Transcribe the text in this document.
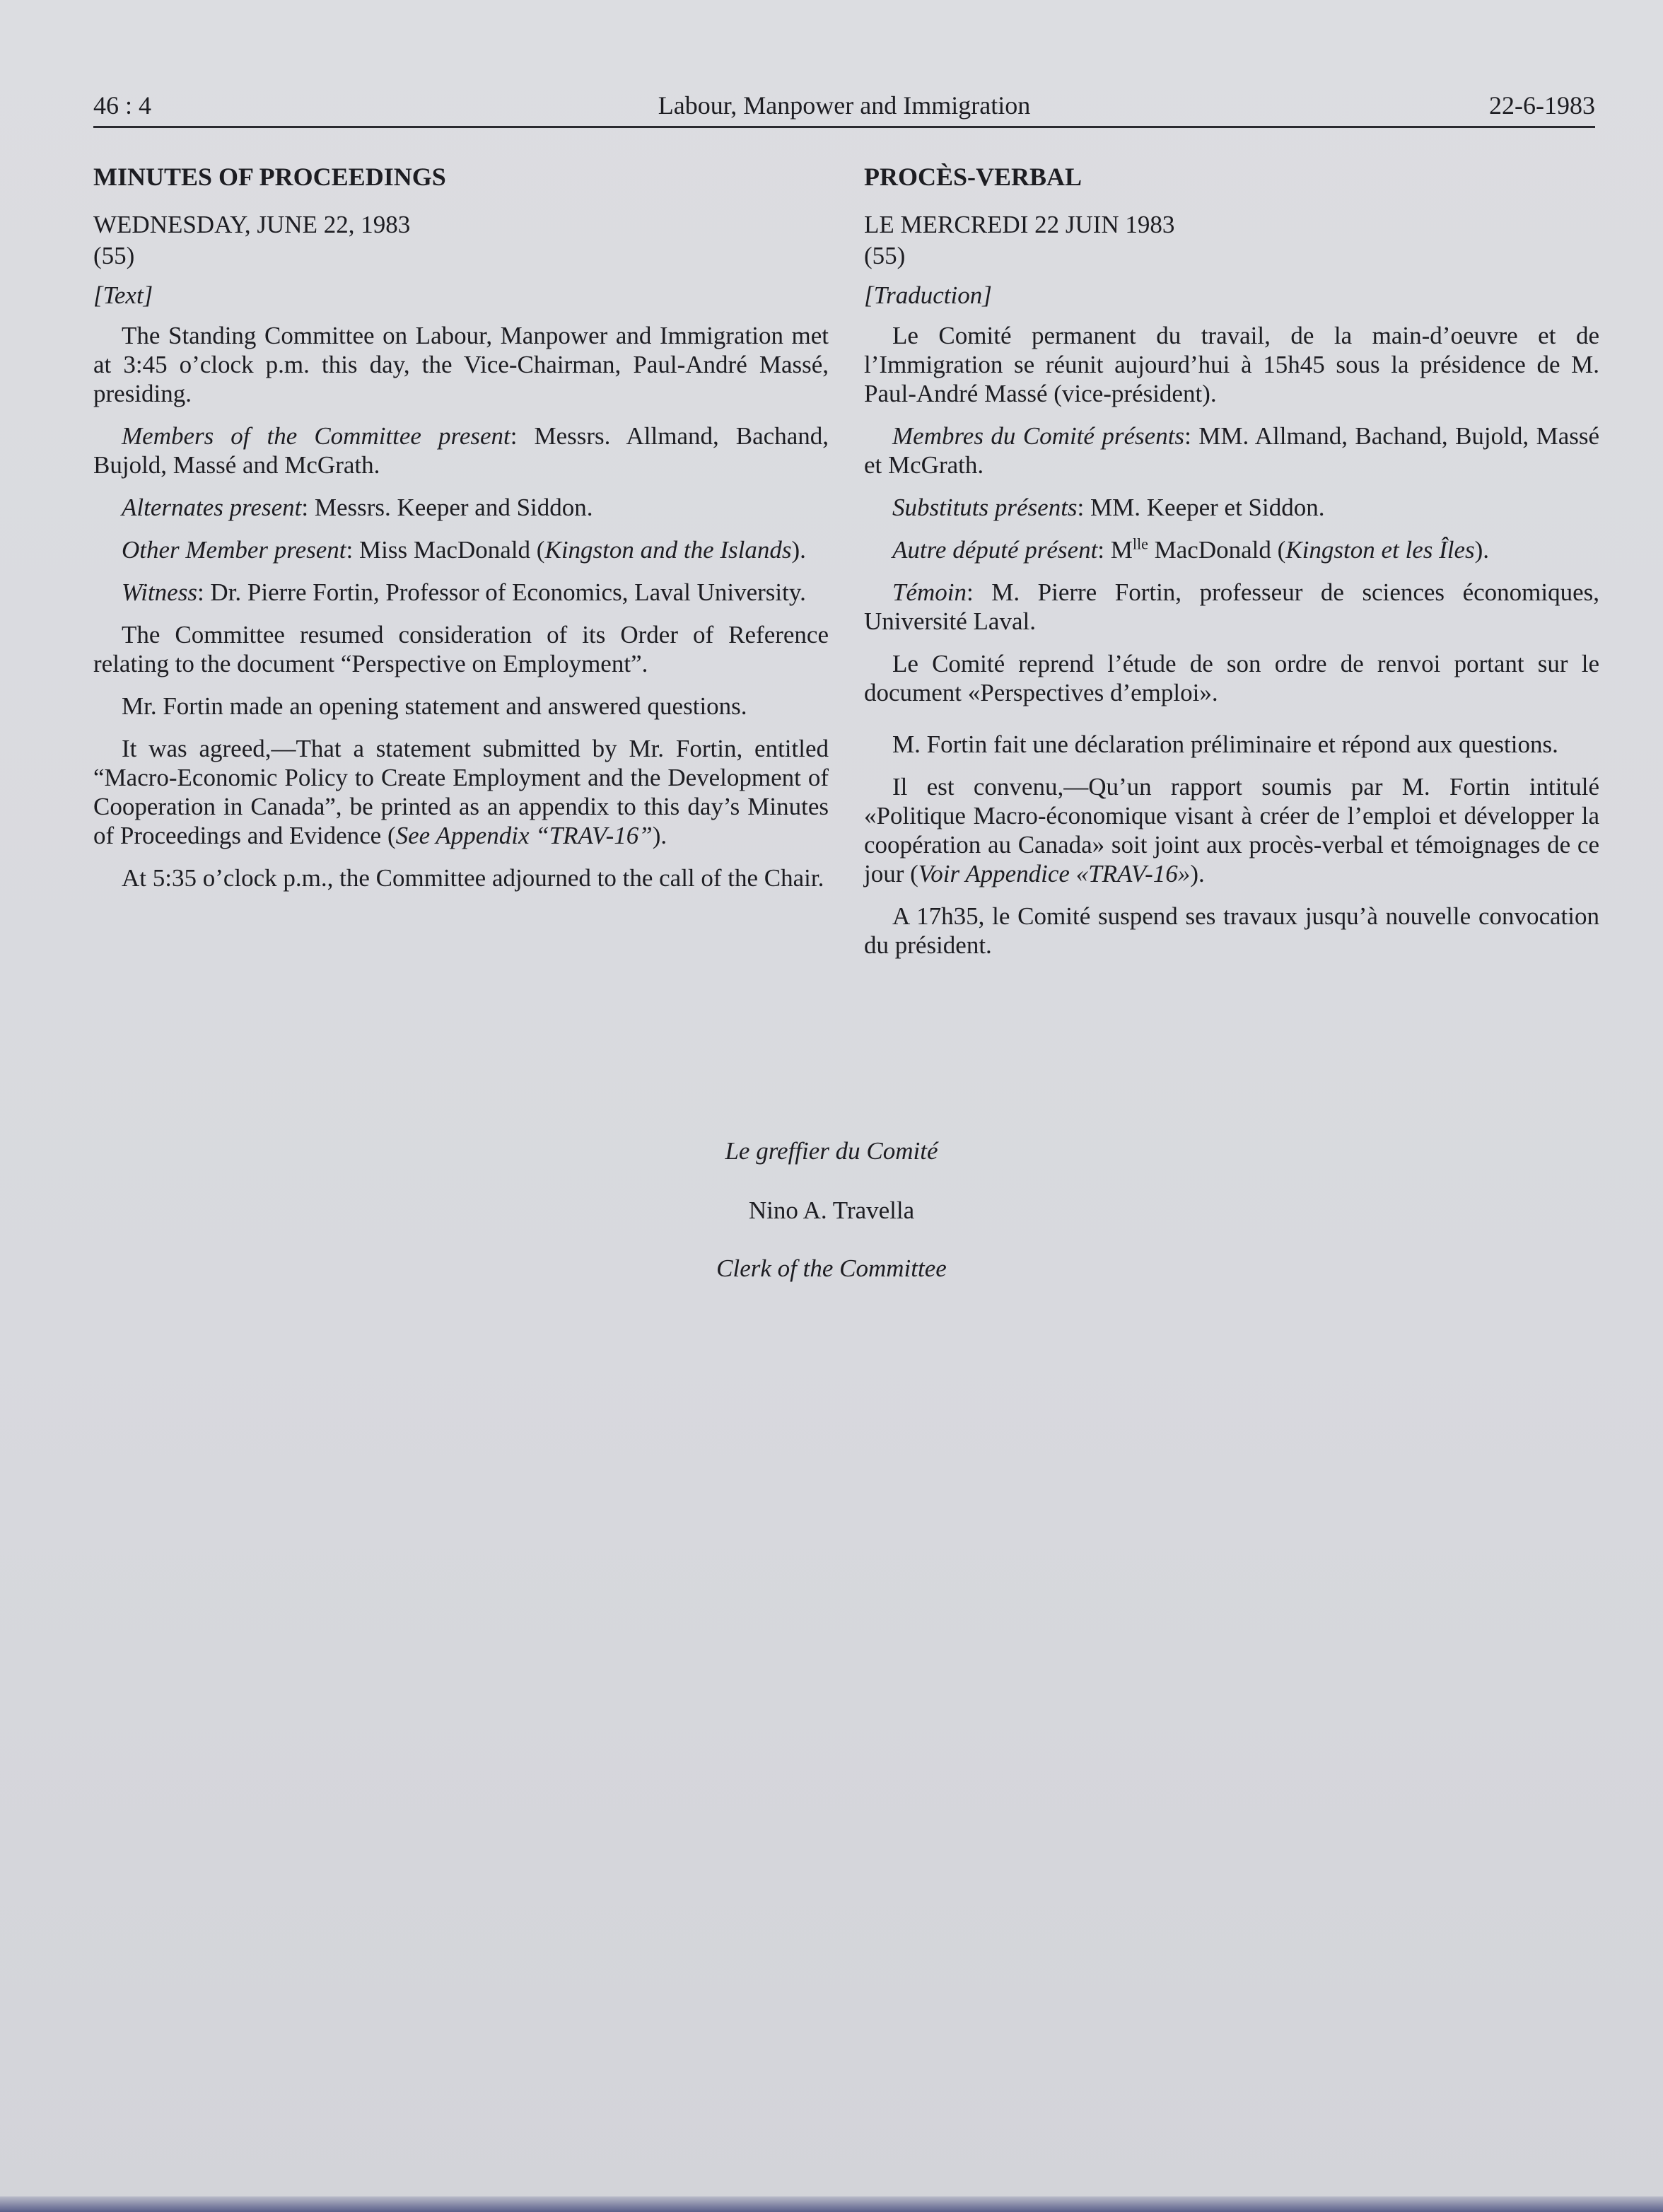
46 : 4	Labour, Manpower and Immigration	22-6-1983
MINUTES OF PROCEEDINGS
WEDNESDAY, JUNE 22, 1983
(55)
[Text]

The Standing Committee on Labour, Manpower and Immigration met at 3:45 o’clock p.m. this day, the Vice-Chairman, Paul-André Massé, presiding.

Members of the Committee present: Messrs. Allmand, Bachand, Bujold, Massé and McGrath.

Alternates present: Messrs. Keeper and Siddon.

Other Member present: Miss MacDonald (Kingston and the Islands).

Witness: Dr. Pierre Fortin, Professor of Economics, Laval University.

The Committee resumed consideration of its Order of Reference relating to the document “Perspective on Employment”.

Mr. Fortin made an opening statement and answered questions.

It was agreed,—That a statement submitted by Mr. Fortin, entitled “Macro-Economic Policy to Create Employment and the Development of Cooperation in Canada”, be printed as an appendix to this day’s Minutes of Proceedings and Evidence (See Appendix “TRAV-16”).

At 5:35 o’clock p.m., the Committee adjourned to the call of the Chair.

PROCÈS-VERBAL
LE MERCREDI 22 JUIN 1983
(55)
[Traduction]

Le Comité permanent du travail, de la main-d’oeuvre et de l’Immigration se réunit aujourd’hui à 15h45 sous la présidence de M. Paul-André Massé (vice-président).

Membres du Comité présents: MM. Allmand, Bachand, Bujold, Massé et McGrath.

Substituts présents: MM. Keeper et Siddon.

Autre député présent: $M^{lle}$ MacDonald (Kingston et les Îles).

Témoin: M. Pierre Fortin, professeur de sciences économiques, Université Laval.

Le Comité reprend l’étude de son ordre de renvoi portant sur le document «Perspectives d’emploi».

M. Fortin fait une déclaration préliminaire et répond aux questions.

Il est convenu,—Qu’un rapport soumis par M. Fortin intitulé «Politique Macro-économique visant à créer de l’emploi et développer la coopération au Canada» soit joint aux procès-verbal et témoignages de ce jour (Voir Appendice «TRAV-16»).

A 17h35, le Comité suspend ses travaux jusqu’à nouvelle convocation du président.

Le greffier du Comité
Nino A. Travella
Clerk of the Committee
